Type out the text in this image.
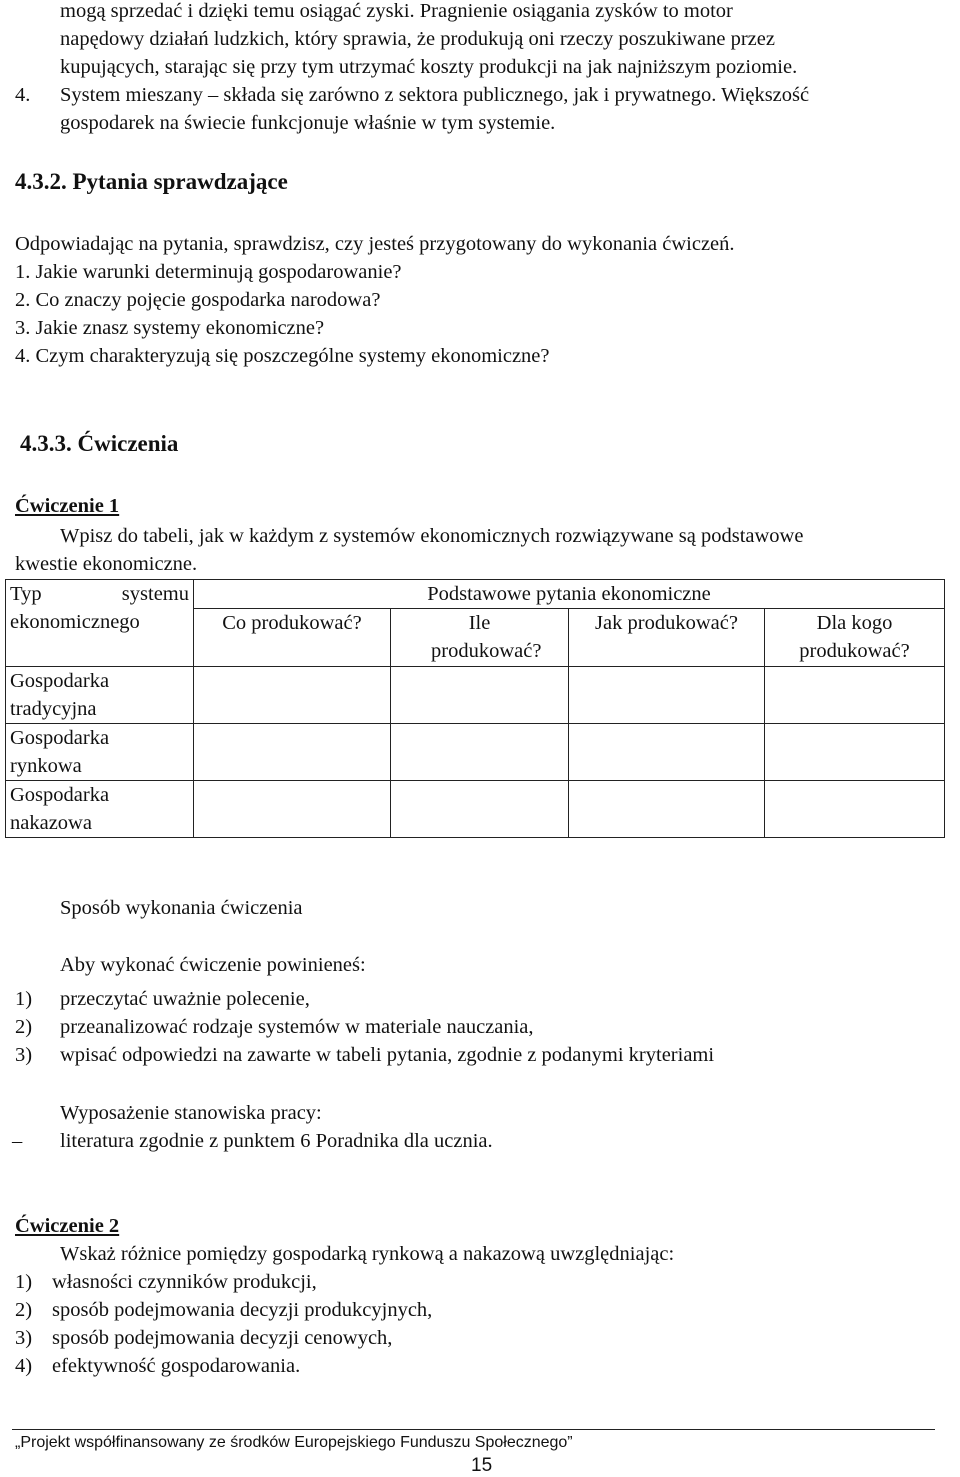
mogą sprzedać i dzięki temu osiągać zyski. Pragnienie osiągania zysków to motor
napędowy działań ludzkich, który sprawia, że produkują oni rzeczy poszukiwane przez
kupujących, starając się przy tym utrzymać koszty produkcji na jak najniższym poziomie.
4. System mieszany – składa się zarówno z sektora publicznego, jak i prywatnego. Większość
gospodarek na świecie funkcjonuje właśnie w tym systemie.
4.3.2. Pytania sprawdzające
Odpowiadając na pytania, sprawdzisz, czy jesteś przygotowany do wykonania ćwiczeń.
1. Jakie warunki determinują gospodarowanie?
2. Co znaczy pojęcie gospodarka narodowa?
3. Jakie znasz systemy ekonomiczne?
4. Czym charakteryzują się poszczególne systemy ekonomiczne?
4.3.3. Ćwiczenia
Ćwiczenie 1
Wpisz do tabeli, jak w każdym z systemów ekonomicznych rozwiązywane są podstawowe
kwestie ekonomiczne.
Typ systemu ekonomicznego	Podstawowe pytania ekonomiczne			
	Co produkować?	Ile produkować?	Jak produkować?	Dla kogo produkować?
Gospodarka tradycyjna				
Gospodarka rynkowa				
Gospodarka nakazowa				
Sposób wykonania ćwiczenia
Aby wykonać ćwiczenie powinieneś:
1) przeczytać uważnie polecenie,
2) przeanalizować rodzaje systemów w materiale nauczania,
3) wpisać odpowiedzi na zawarte w tabeli pytania, zgodnie z podanymi kryteriami
Wyposażenie stanowiska pracy:
– literatura zgodnie z punktem 6 Poradnika dla ucznia.
Ćwiczenie 2
Wskaż różnice pomiędzy gospodarką rynkową a nakazową uwzględniając:
1) własności czynników produkcji,
2) sposób podejmowania decyzji produkcyjnych,
3) sposób podejmowania decyzji cenowych,
4) efektywność gospodarowania.
„Projekt współfinansowany ze środków Europejskiego Funduszu Społecznego”
15
